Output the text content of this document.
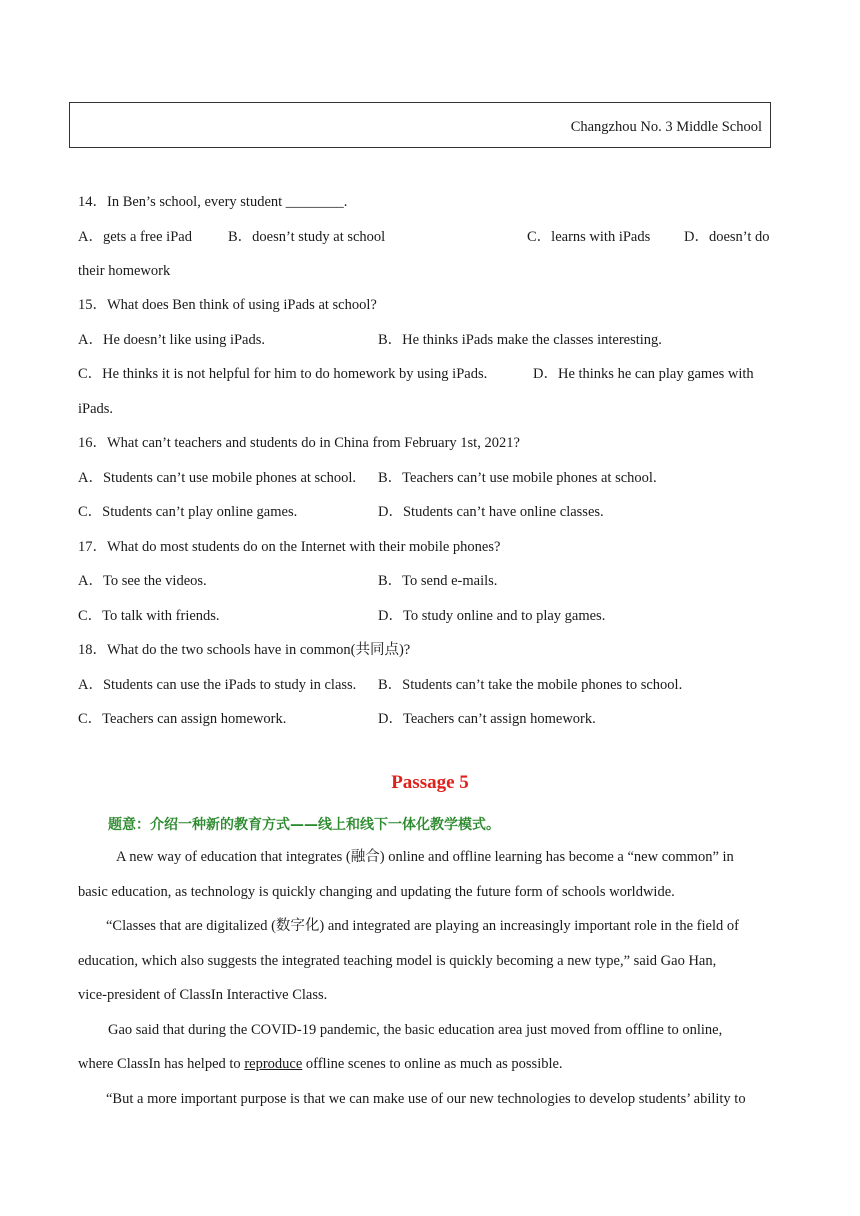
Changzhou No. 3 Middle School
14．In Ben’s school, every student ________.
A．gets a free iPad B．doesn’t study at school	C．learns with iPads D．doesn’t do
their homework
15．What does Ben think of using iPads at school?
A．He doesn’t like using iPads.	B．He thinks iPads make the classes interesting.
C．He thinks it is not helpful for him to do homework by using iPads.	D．He thinks he can play games with
iPads.
16．What can’t teachers and students do in China from February 1st, 2021?
A．Students can’t use mobile phones at school. B．Teachers can’t use mobile phones at school.
C．Students can’t play online games.	D．Students can’t have online classes.
17．What do most students do on the Internet with their mobile phones?
A．To see the videos.	B．To send e-mails.
C．To talk with friends.	D．To study online and to play games.
18．What do the two schools have in common(共同点)?
A．Students can use the iPads to study in class. B．Students can’t take the mobile phones to school.
C．Teachers can assign homework.	D．Teachers can’t assign homework.
Passage 5
题意：介绍一种新的教育方式——线上和线下一体化教学模式。
A new way of education that integrates (融合) online and offline learning has become a “new common” in
basic education, as technology is quickly changing and updating the future form of schools worldwide.
“Classes that are digitalized (数字化) and integrated are playing an increasingly important role in the field of
education, which also suggests the integrated teaching model is quickly becoming a new type,” said Gao Han,
vice-president of ClassIn Interactive Class.
Gao said that during the COVID-19 pandemic, the basic education area just moved from offline to online,
where ClassIn has helped to reproduce offline scenes to online as much as possible.
“But a more important purpose is that we can make use of our new technologies to develop students’ ability to
